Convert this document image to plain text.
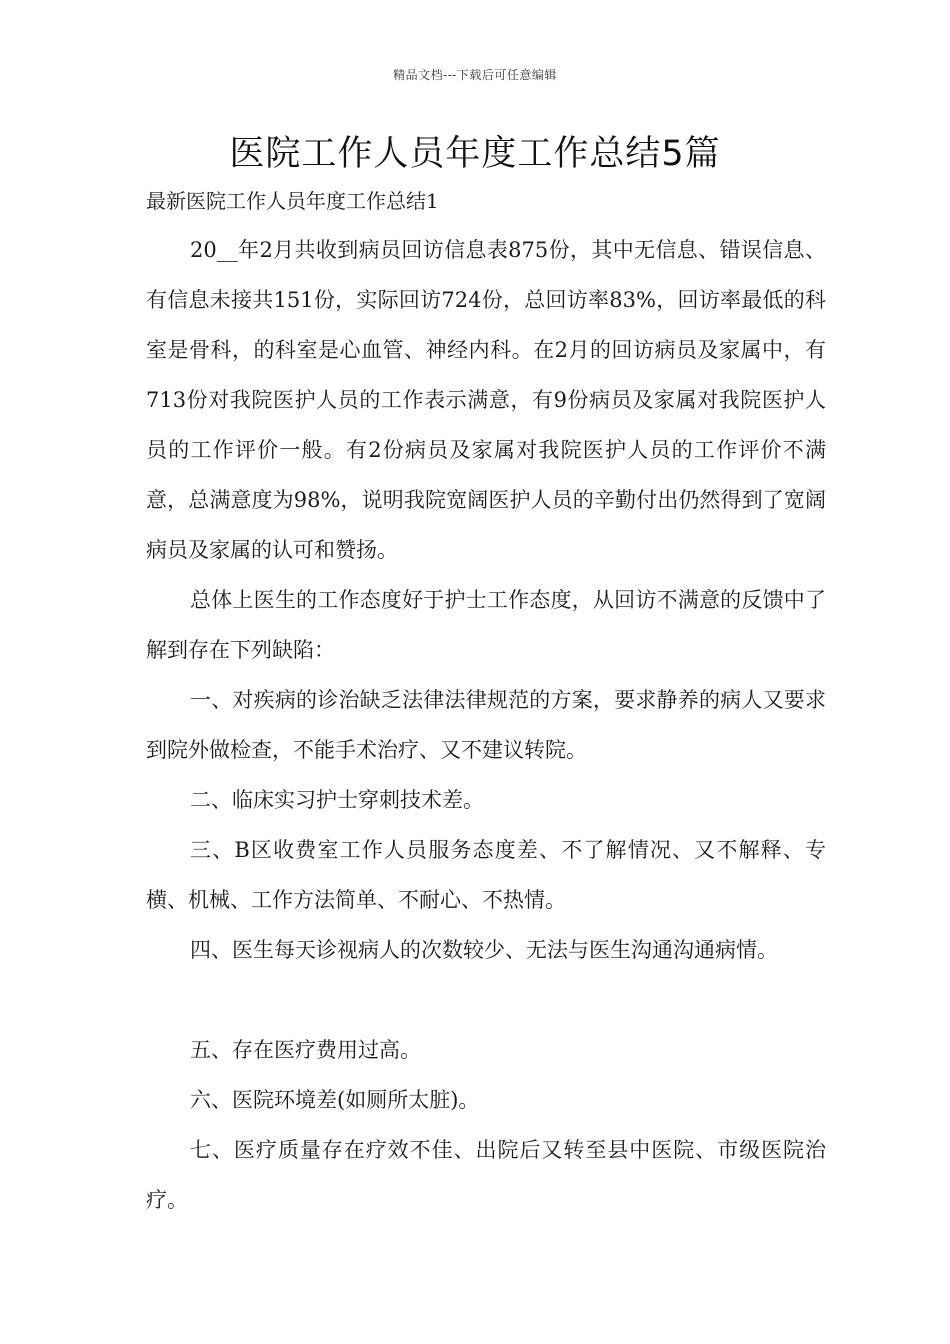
精品文档---下载后可任意编辑
医院工作人员年度工作总结5篇
最新医院工作人员年度工作总结1

20__年2月共收到病员回访信息表875份，其中无信息、错误信息、有信息未接共151份，实际回访724份，总回访率83%，回访率最低的科室是骨科，的科室是心血管、神经内科。在2月的回访病员及家属中，有713份对我院医护人员的工作表示满意，有9份病员及家属对我院医护人员的工作评价一般。有2份病员及家属对我院医护人员的工作评价不满意，总满意度为98%，说明我院宽阔医护人员的辛勤付出仍然得到了宽阔病员及家属的认可和赞扬。

总体上医生的工作态度好于护士工作态度，从回访不满意的反馈中了解到存在下列缺陷：

一、对疾病的诊治缺乏法律法律规范的方案，要求静养的病人又要求到院外做检查，不能手术治疗、又不建议转院。

二、临床实习护士穿刺技术差。

三、B区收费室工作人员服务态度差、不了解情况、又不解释、专横、机械、工作方法简单、不耐心、不热情。

四、医生每天诊视病人的次数较少、无法与医生沟通沟通病情。

五、存在医疗费用过高。

六、医院环境差(如厕所太脏)。

七、医疗质量存在疗效不佳、出院后又转至县中医院、市级医院治疗。
